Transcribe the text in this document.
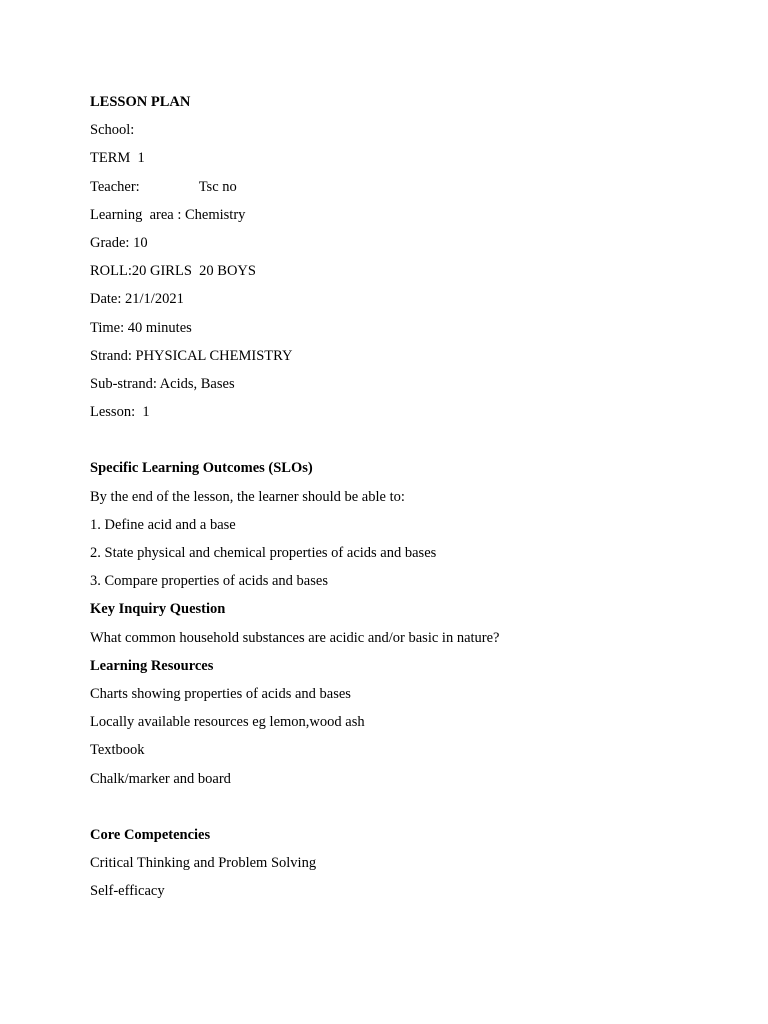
LESSON PLAN
School:
TERM  1
Teacher:	Tsc no
Learning  area : Chemistry
Grade: 10
ROLL:20 GIRLS  20 BOYS
Date: 21/1/2021
Time: 40 minutes
Strand: PHYSICAL CHEMISTRY
Sub-strand: Acids, Bases
Lesson:  1
Specific Learning Outcomes (SLOs)
By the end of the lesson, the learner should be able to:
1. Define acid and a base
2. State physical and chemical properties of acids and bases
3. Compare properties of acids and bases
Key Inquiry Question
What common household substances are acidic and/or basic in nature?
Learning Resources
Charts showing properties of acids and bases
Locally available resources eg lemon,wood ash
Textbook
Chalk/marker and board
Core Competencies
Critical Thinking and Problem Solving
Self-efficacy
